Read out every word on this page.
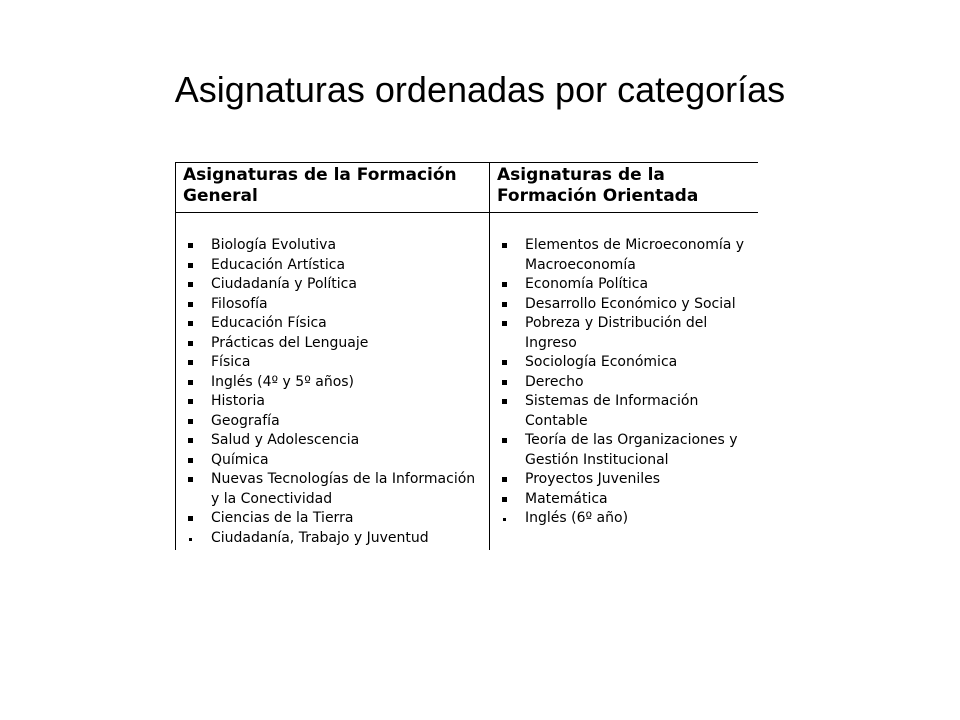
Asignaturas ordenadas por categorías
Asignaturas de la Formación General
Biología Evolutiva
Educación Artística
Ciudadanía y Política
Filosofía
Educación Física
Prácticas del Lenguaje
Física
Inglés (4º y 5º años)
Historia
Geografía
Salud y Adolescencia
Química
Nuevas Tecnologías de la Información y la Conectividad
Ciencias de la Tierra
Ciudadanía, Trabajo y Juventud
Asignaturas de la Formación Orientada
Elementos de Microeconomía y Macroeconomía
Economía Política
Desarrollo Económico y Social
Pobreza y Distribución del Ingreso
Sociología Económica
Derecho
Sistemas de Información Contable
Teoría de las Organizaciones y Gestión Institucional
Proyectos Juveniles
Matemática
Inglés (6º año)
